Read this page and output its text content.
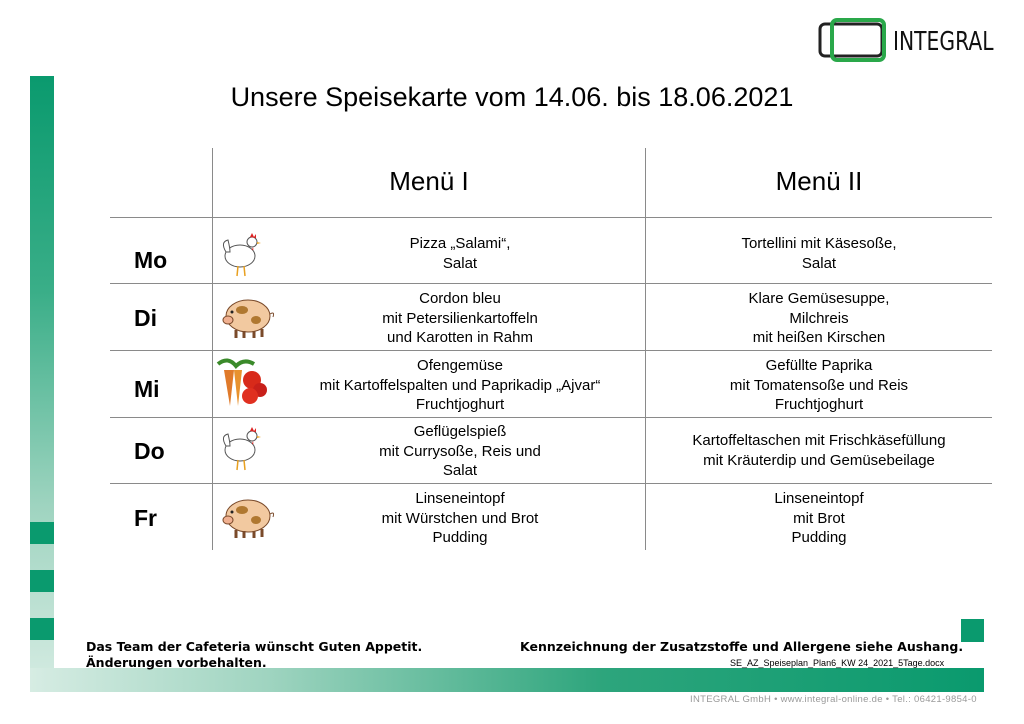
INTEGRAL
Unsere Speisekarte vom 14.06. bis 18.06.2021
Menü I	Menü II
Mo
Pizza „Salami“,
Salat
Tortellini mit Käsesoße,
Salat
Di
Cordon bleu
mit Petersilienkartoffeln
und Karotten in Rahm
Klare Gemüsesuppe,
Milchreis
mit heißen Kirschen
Mi
Ofengemüse
mit Kartoffelspalten und Paprikadip „Ajvar“
Fruchtjoghurt
Gefüllte Paprika
mit Tomatensoße und Reis
Fruchtjoghurt
Do
Geflügelspieß
mit Currysoße, Reis und
Salat
Kartoffeltaschen mit Frischkäsefüllung
mit Kräuterdip und Gemüsebeilage
Fr
Linseneintopf
mit Würstchen und Brot
Pudding
Linseneintopf
mit Brot
Pudding
Das Team der Cafeteria wünscht Guten Appetit.
Änderungen vorbehalten.
Kennzeichnung der Zusatzstoffe und Allergene siehe Aushang.
SE_AZ_Speiseplan_Plan6_KW 24_2021_5Tage.docx
INTEGRAL GmbH • www.integral-online.de • Tel.: 06421-9854-0
